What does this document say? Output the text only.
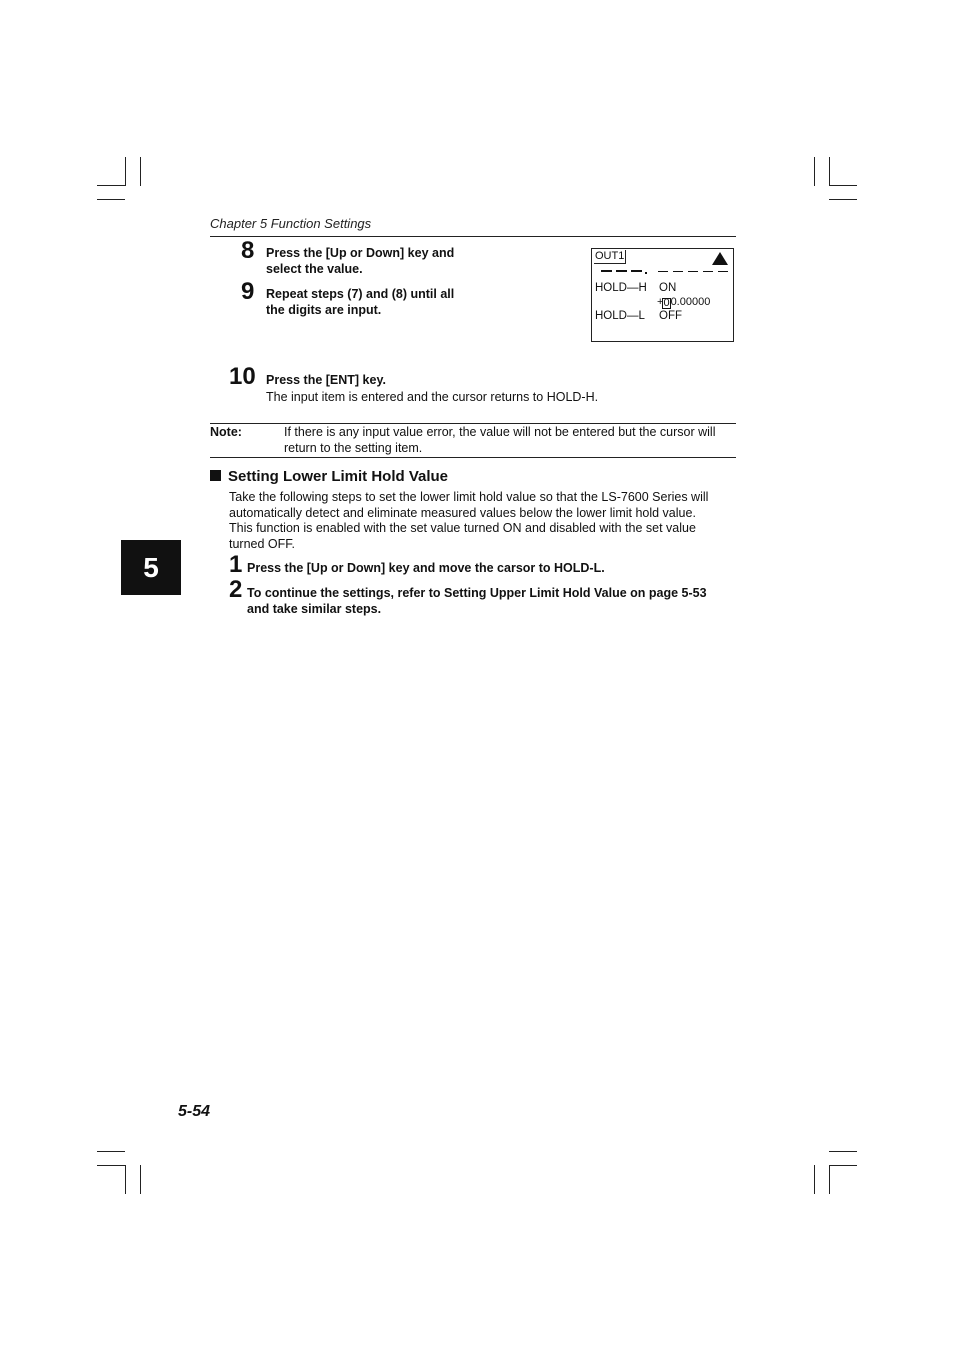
Chapter 5 Function Settings
8 Press the [Up or Down] key and
select the value.
9 Repeat steps (7) and (8) until all
the digits are input.
OUT1
HOLD—H ON
+00.00000
HOLD—L OFF
10 Press the [ENT] key.
The input item is entered and the cursor returns to HOLD-H.
Note:	If there is any input value error, the value will not be entered but the cursor will
return to the setting item.
Setting Lower Limit Hold Value
Take the following steps to set the lower limit hold value so that the LS-7600 Series will
automatically detect and eliminate measured values below the lower limit hold value.
This function is enabled with the set value turned ON and disabled with the set value
turned OFF.
1 Press the [Up or Down] key and move the carsor to HOLD-L.
2 To continue the settings, refer to Setting Upper Limit Hold Value on page 5-53
and take similar steps.
5
5-54
